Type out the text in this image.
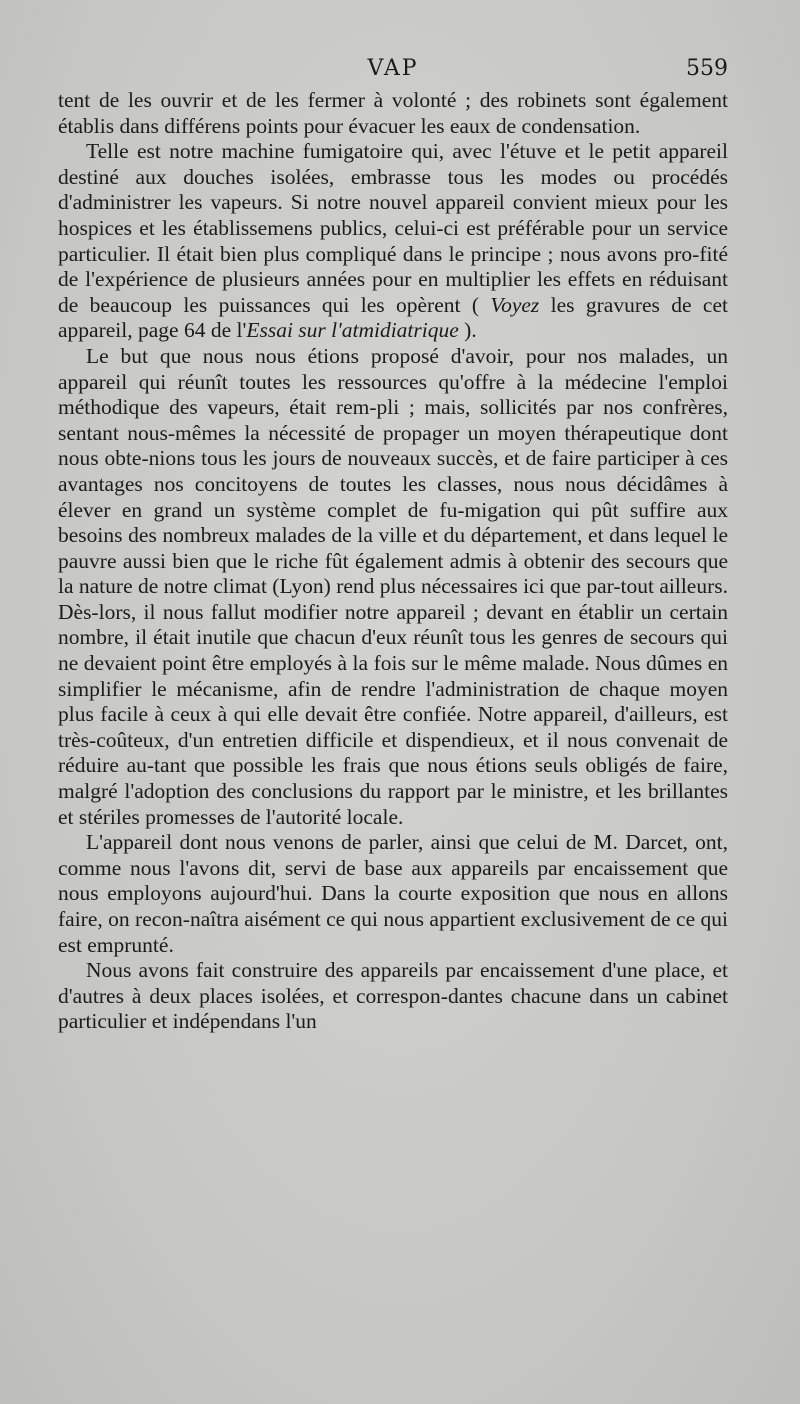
VAP	559

tent de les ouvrir et de les fermer à volonté ; des robinets sont également établis dans différens points pour évacuer les eaux de condensation.

Telle est notre machine fumigatoire qui, avec l'étuve et le petit appareil destiné aux douches isolées, embrasse tous les modes ou procédés d'administrer les vapeurs. Si notre nouvel appareil convient mieux pour les hospices et les établissemens publics, celui-ci est préférable pour un service particulier. Il était bien plus compliqué dans le principe ; nous avons pro-fité de l'expérience de plusieurs années pour en multiplier les effets en réduisant de beaucoup les puissances qui les opèrent ( Voyez les gravures de cet appareil, page 64 de l'Essai sur l'atmidiatrique ).

Le but que nous nous étions proposé d'avoir, pour nos malades, un appareil qui réunît toutes les ressources qu'offre à la médecine l'emploi méthodique des vapeurs, était rem-pli ; mais, sollicités par nos confrères, sentant nous-mêmes la nécessité de propager un moyen thérapeutique dont nous obte-nions tous les jours de nouveaux succès, et de faire participer à ces avantages nos concitoyens de toutes les classes, nous nous décidâmes à élever en grand un système complet de fu-migation qui pût suffire aux besoins des nombreux malades de la ville et du département, et dans lequel le pauvre aussi bien que le riche fût également admis à obtenir des secours que la nature de notre climat (Lyon) rend plus nécessaires ici que par-tout ailleurs. Dès-lors, il nous fallut modifier notre appareil ; devant en établir un certain nombre, il était inutile que chacun d'eux réunît tous les genres de secours qui ne devaient point être employés à la fois sur le même malade. Nous dûmes en simplifier le mécanisme, afin de rendre l'administration de chaque moyen plus facile à ceux à qui elle devait être confiée. Notre appareil, d'ailleurs, est très-coûteux, d'un entretien difficile et dispendieux, et il nous convenait de réduire au-tant que possible les frais que nous étions seuls obligés de faire, malgré l'adoption des conclusions du rapport par le ministre, et les brillantes et stériles promesses de l'autorité locale.

L'appareil dont nous venons de parler, ainsi que celui de M. Darcet, ont, comme nous l'avons dit, servi de base aux appareils par encaissement que nous employons aujourd'hui. Dans la courte exposition que nous en allons faire, on recon-naîtra aisément ce qui nous appartient exclusivement de ce qui est emprunté.

Nous avons fait construire des appareils par encaissement d'une place, et d'autres à deux places isolées, et correspon-dantes chacune dans un cabinet particulier et indépendans l'un
